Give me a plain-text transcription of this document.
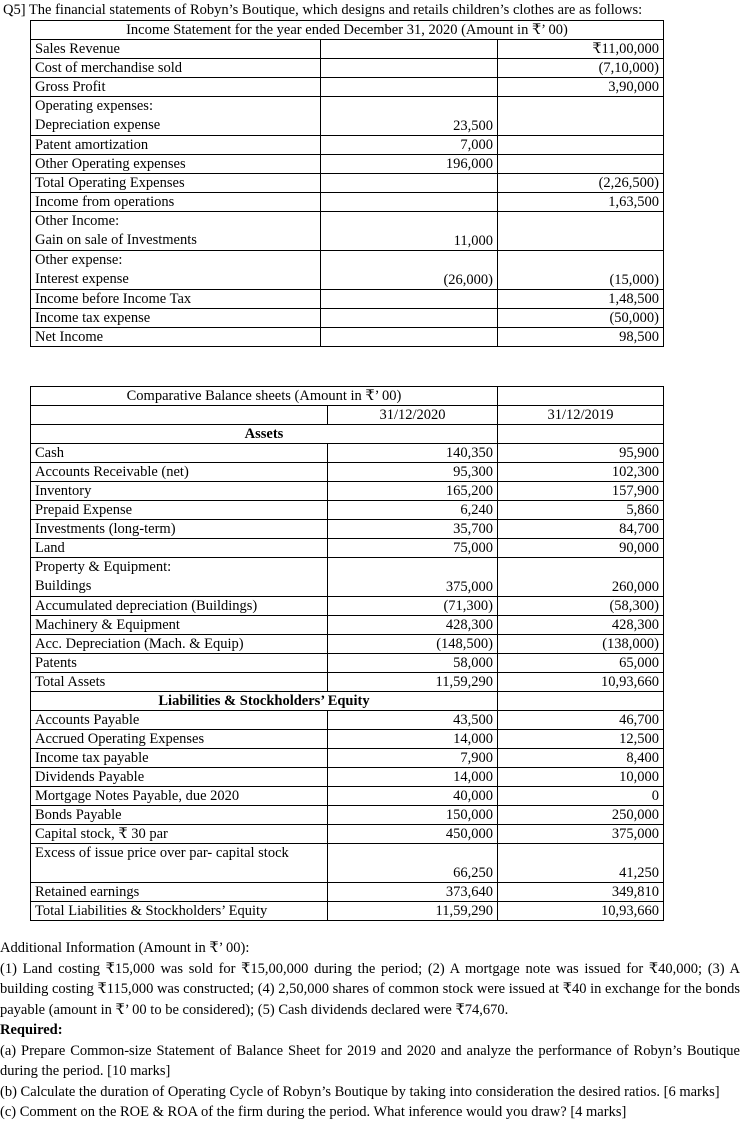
Q5] The financial statements of Robyn’s Boutique, which designs and retails children’s clothes are as follows:
Income Statement for the year ended December 31, 2020 (Amount in ₹’ 00)		
Sales Revenue		₹11,00,000
Cost of merchandise sold		(7,10,000)
Gross Profit		3,90,000

Operating expenses:
Depreciation expense	23,500	
Patent amortization	7,000	
Other Operating expenses	196,000	
Total Operating Expenses		(2,26,500)
Income from operations		1,63,500

Other Income:
Gain on sale of Investments	11,000	

Other expense:
Interest expense	(26,000)	(15,000)
Income before Income Tax		1,48,500
Income tax expense		(50,000)
Net Income		98,500
Comparative Balance sheets (Amount in ₹’ 00)		
	31/12/2020	31/12/2019
Assets		
Cash	140,350	95,900
Accounts Receivable (net)	95,300	102,300
Inventory	165,200	157,900
Prepaid Expense	6,240	5,860
Investments (long-term)	35,700	84,700
Land	75,000	90,000

Property & Equipment:
Buildings	375,000	260,000
Accumulated depreciation (Buildings)	(71,300)	(58,300)
Machinery & Equipment	428,300	428,300
Acc. Depreciation (Mach. & Equip)	(148,500)	(138,000)
Patents	58,000	65,000
Total Assets	11,59,290	10,93,660
Liabilities & Stockholders’ Equity		
Accounts Payable	43,500	46,700
Accrued Operating Expenses	14,000	12,500
Income tax payable	7,900	8,400
Dividends Payable	14,000	10,000
Mortgage Notes Payable, due 2020	40,000	0
Bonds Payable	150,000	250,000
Capital stock, ₹ 30 par	450,000	375,000

Excess of issue price over par- capital stock	66,250	41,250
Retained earnings	373,640	349,810
Total Liabilities & Stockholders’ Equity	11,59,290	10,93,660

Additional Information (Amount in ₹’ 00):

(1) Land costing ₹15,000 was sold for ₹15,00,000 during the period; (2) A mortgage note was issued for ₹40,000; (3) A building costing ₹115,000 was constructed; (4) 2,50,000 shares of common stock were issued at ₹40 in exchange for the bonds payable (amount in ₹’ 00 to be considered); (5) Cash dividends declared were ₹74,670.

Required:

(a) Prepare Common-size Statement of Balance Sheet for 2019 and 2020 and analyze the performance of Robyn’s Boutique during the period. [10 marks]

(b) Calculate the duration of Operating Cycle of Robyn’s Boutique by taking into consideration the desired ratios. [6 marks]

(c) Comment on the ROE & ROA of the firm during the period. What inference would you draw? [4 marks]
